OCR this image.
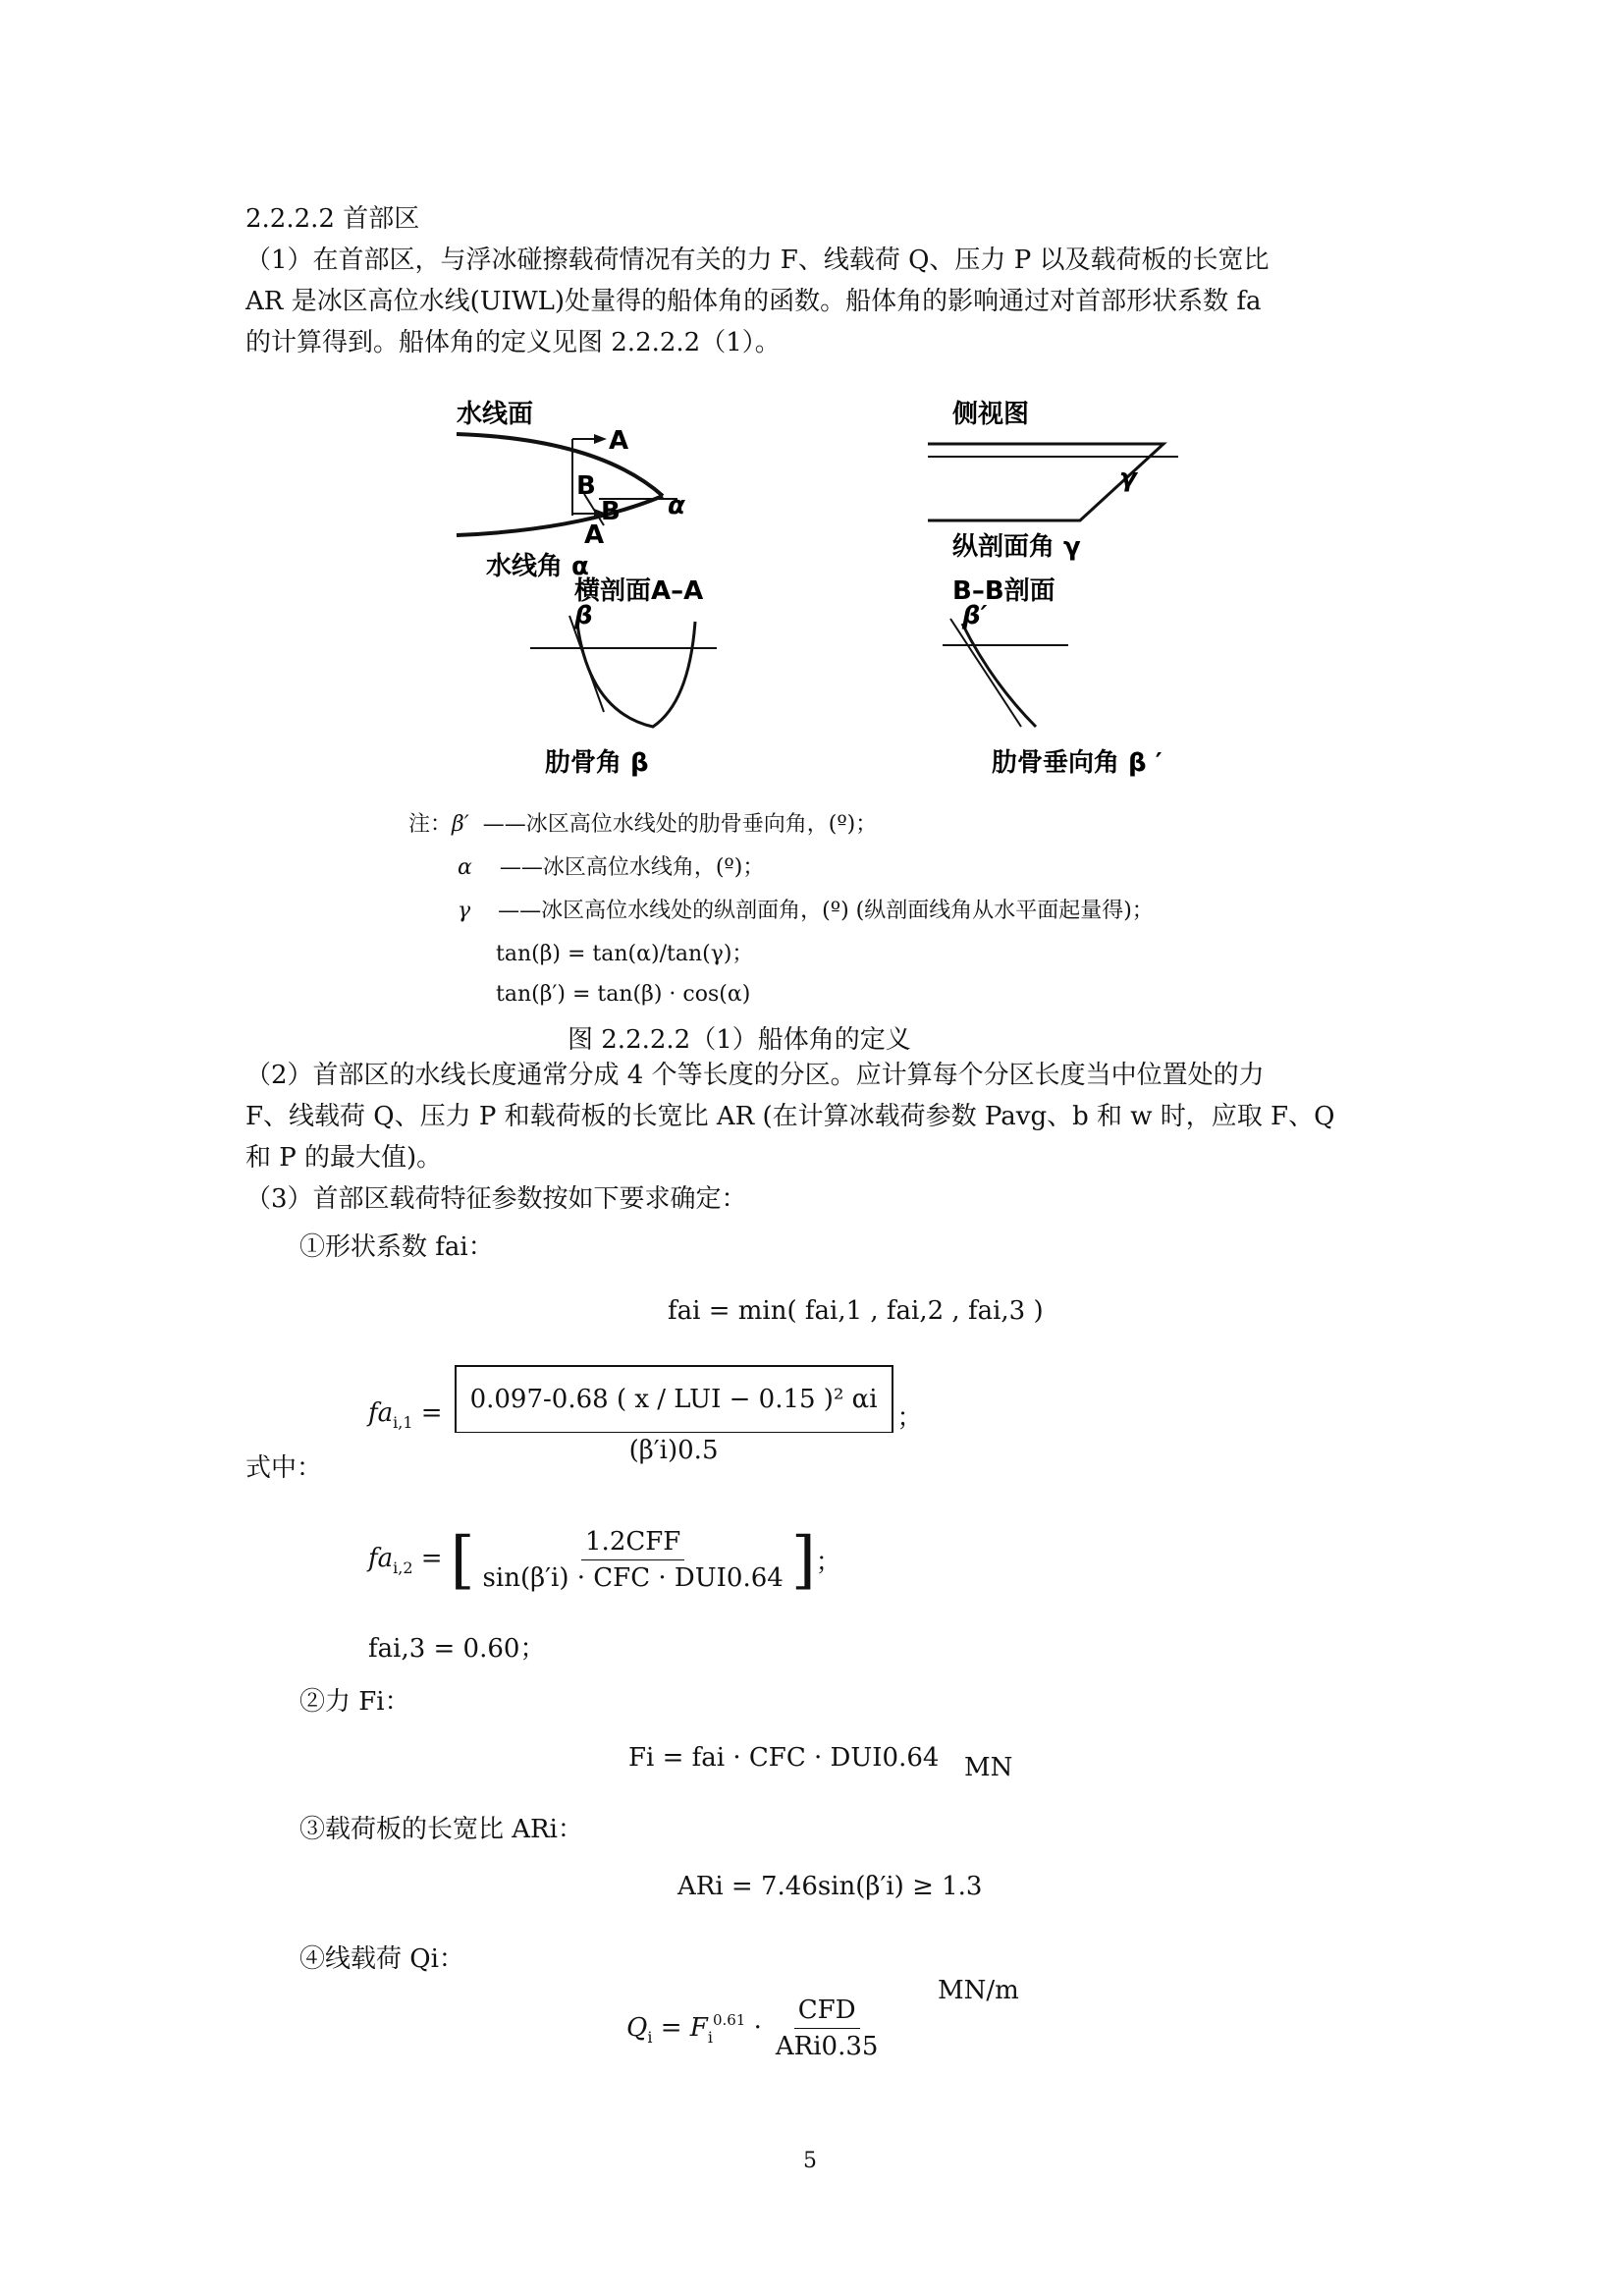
2.2.2.2 首部区
（1）在首部区，与浮冰碰擦载荷情况有关的力 F、线载荷 Q、压力 P 以及载荷板的长宽比
AR 是冰区高位水线(UIWL)处量得的船体角的函数。船体角的影响通过对首部形状系数 fa
的计算得到。船体角的定义见图 2.2.2.2（1）。
水线面
A
B
α
B
A
水线角 α
侧视图
γ
纵剖面角 γ
横剖面A–A
β
B–B剖面
β′
肋骨角 β	肋骨垂向角 β ′
注：β′ ——冰区高位水线处的肋骨垂向角，(º)；
α ——冰区高位水线角，(º)；
γ ——冰区高位水线处的纵剖面角，(º) (纵剖面线角从水平面起量得)；
tan(β) = tan(α)/tan(γ)；
tan(β′) = tan(β) · cos(α)
图 2.2.2.2（1）船体角的定义
（2）首部区的水线长度通常分成 4 个等长度的分区。应计算每个分区长度当中位置处的力
F、线载荷 Q、压力 P 和载荷板的长宽比 AR (在计算冰载荷参数 Pavg、b 和 w 时，应取 F、Q
和 P 的最大值)。
（3）首部区载荷特征参数按如下要求确定：
①形状系数 fai：
fai = min( fai,1 , fai,2 , fai,3 )
式中：
$fa_{i,1} = \frac{\text{0.097-0.68 ( x / LUI − 0.15 )² αi}}{(\beta'i)0.5}$ ；
$fa_{i,2}$ = [ $\frac{\text{1.2CFF}}{\text{sin(β′i) · CFC · DUI0.64}}$ ] ；
fai,3 = 0.60；
②力 Fi：
Fi = fai · CFC · DUI0.64 MN
③载荷板的长宽比 ARi：
ARi = 7.46sin(β′i) ≥ 1.3
④线载荷 Qi：
$Q_i = F_i^{0.61} \cdot \frac{\text{CFD}}{\text{ARi0.35}}$
MN/m
5
